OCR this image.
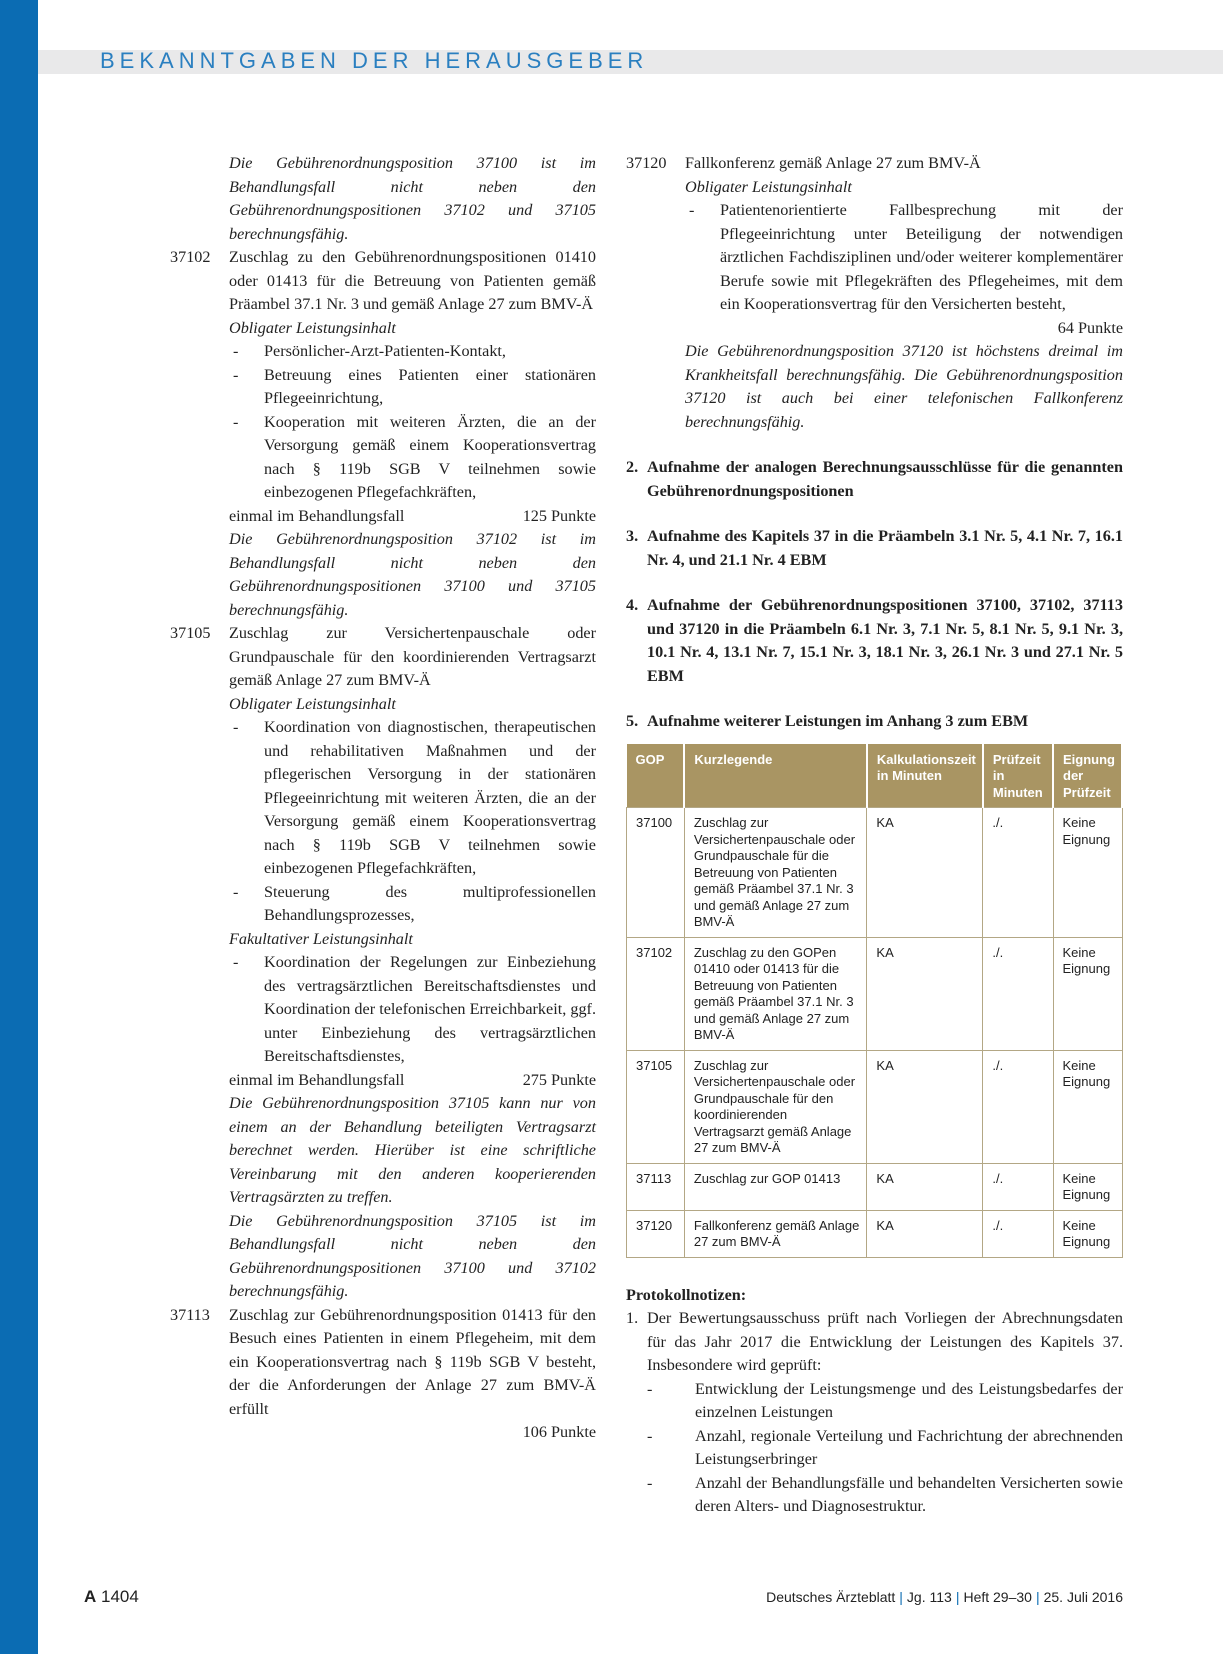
BEKANNTGABEN DER HERAUSGEBER

Die Gebührenordnungsposition 37100 ist im Behandlungsfall nicht neben den Gebührenordnungspositionen 37102 und 37105 berechnungsfähig.

37102 Zuschlag zu den Gebührenordnungspositionen 01410 oder 01413 für die Betreuung von Patienten gemäß Präambel 37.1 Nr. 3 und gemäß Anlage 27 zum BMV-Ä

Obligater Leistungsinhalt

- Persönlicher-Arzt-Patienten-Kontakt,
- Betreuung eines Patienten einer stationären Pflegeeinrichtung,
- Kooperation mit weiteren Ärzten, die an der Versorgung gemäß einem Kooperationsvertrag nach § 119b SGB V teilnehmen sowie einbezogenen Pflegefachkräften,
einmal im Behandlungsfall	125 Punkte

Die Gebührenordnungsposition 37102 ist im Behandlungsfall nicht neben den Gebührenordnungspositionen 37100 und 37105 berechnungsfähig.

37105 Zuschlag zur Versichertenpauschale oder Grundpauschale für den koordinierenden Vertragsarzt gemäß Anlage 27 zum BMV-Ä

Obligater Leistungsinhalt

- Koordination von diagnostischen, therapeutischen und rehabilitativen Maßnahmen und der pflegerischen Versorgung in der stationären Pflegeeinrichtung mit weiteren Ärzten, die an der Versorgung gemäß einem Kooperationsvertrag nach § 119b SGB V teilnehmen sowie einbezogenen Pflegefachkräften,
- Steuerung des multiprofessionellen Behandlungsprozesses,

Fakultativer Leistungsinhalt

- Koordination der Regelungen zur Einbeziehung des vertragsärztlichen Bereitschaftsdienstes und Koordination der telefonischen Erreichbarkeit, ggf. unter Einbeziehung des vertragsärztlichen Bereitschaftsdienstes,
einmal im Behandlungsfall	275 Punkte

Die Gebührenordnungsposition 37105 kann nur von einem an der Behandlung beteiligten Vertragsarzt berechnet werden. Hierüber ist eine schriftliche Vereinbarung mit den anderen kooperierenden Vertragsärzten zu treffen.

Die Gebührenordnungsposition 37105 ist im Behandlungsfall nicht neben den Gebührenordnungspositionen 37100 und 37102 berechnungsfähig.

37113 Zuschlag zur Gebührenordnungsposition 01413 für den Besuch eines Patienten in einem Pflegeheim, mit dem ein Kooperationsvertrag nach § 119b SGB V besteht, der die Anforderungen der Anlage 27 zum BMV-Ä erfüllt

106 Punkte

37120 Fallkonferenz gemäß Anlage 27 zum BMV-Ä

Obligater Leistungsinhalt

- Patientenorientierte Fallbesprechung mit der Pflegeeinrichtung unter Beteiligung der notwendigen ärztlichen Fachdisziplinen und/oder weiterer komplementärer Berufe sowie mit Pflegekräften des Pflegeheimes, mit dem ein Kooperationsvertrag für den Versicherten besteht,

64 Punkte

Die Gebührenordnungsposition 37120 ist höchstens dreimal im Krankheitsfall berechnungsfähig. Die Gebührenordnungsposition 37120 ist auch bei einer telefonischen Fallkonferenz berechnungsfähig.

2. Aufnahme der analogen Berechnungsausschlüsse für die genannten Gebührenordnungspositionen
3. Aufnahme des Kapitels 37 in die Präambeln 3.1 Nr. 5, 4.1 Nr. 7, 16.1 Nr. 4, und 21.1 Nr. 4 EBM
4. Aufnahme der Gebührenordnungspositionen 37100, 37102, 37113 und 37120 in die Präambeln 6.1 Nr. 3, 7.1 Nr. 5, 8.1 Nr. 5, 9.1 Nr. 3, 10.1 Nr. 4, 13.1 Nr. 7, 15.1 Nr. 3, 18.1 Nr. 3, 26.1 Nr. 3 und 27.1 Nr. 5 EBM
5. Aufnahme weiterer Leistungen im Anhang 3 zum EBM
GOP	Kurzlegende	Kalkulationszeit in Minuten	Prüfzeit in Minuten	Eignung der Prüfzeit
37100	Zuschlag zur Versichertenpauschale oder Grundpauschale für die Betreuung von Patienten gemäß Präambel 37.1 Nr. 3 und gemäß Anlage 27 zum BMV-Ä	KA	./.	Keine Eignung
37102	Zuschlag zu den GOPen 01410 oder 01413 für die Betreuung von Patienten gemäß Präambel 37.1 Nr. 3 und gemäß Anlage 27 zum BMV-Ä	KA	./.	Keine Eignung
37105	Zuschlag zur Versichertenpauschale oder Grundpauschale für den koordinierenden Vertragsarzt gemäß Anlage 27 zum BMV-Ä	KA	./.	Keine Eignung
37113	Zuschlag zur GOP 01413	KA	./.	Keine Eignung
37120	Fallkonferenz gemäß Anlage 27 zum BMV-Ä	KA	./.	Keine Eignung

Protokollnotizen:

1. Der Bewertungsausschuss prüft nach Vorliegen der Abrechnungsdaten für das Jahr 2017 die Entwicklung der Leistungen des Kapitels 37. Insbesondere wird geprüft:
-	Entwicklung der Leistungsmenge und des Leistungsbedarfes der einzelnen Leistungen
-	Anzahl, regionale Verteilung und Fachrichtung der abrechnenden Leistungserbringer
-	Anzahl der Behandlungsfälle und behandelten Versicherten sowie deren Alters- und Diagnosestruktur.
A 1404	Deutsches Ärzteblatt | Jg. 113 | Heft 29–30 | 25. Juli 2016
